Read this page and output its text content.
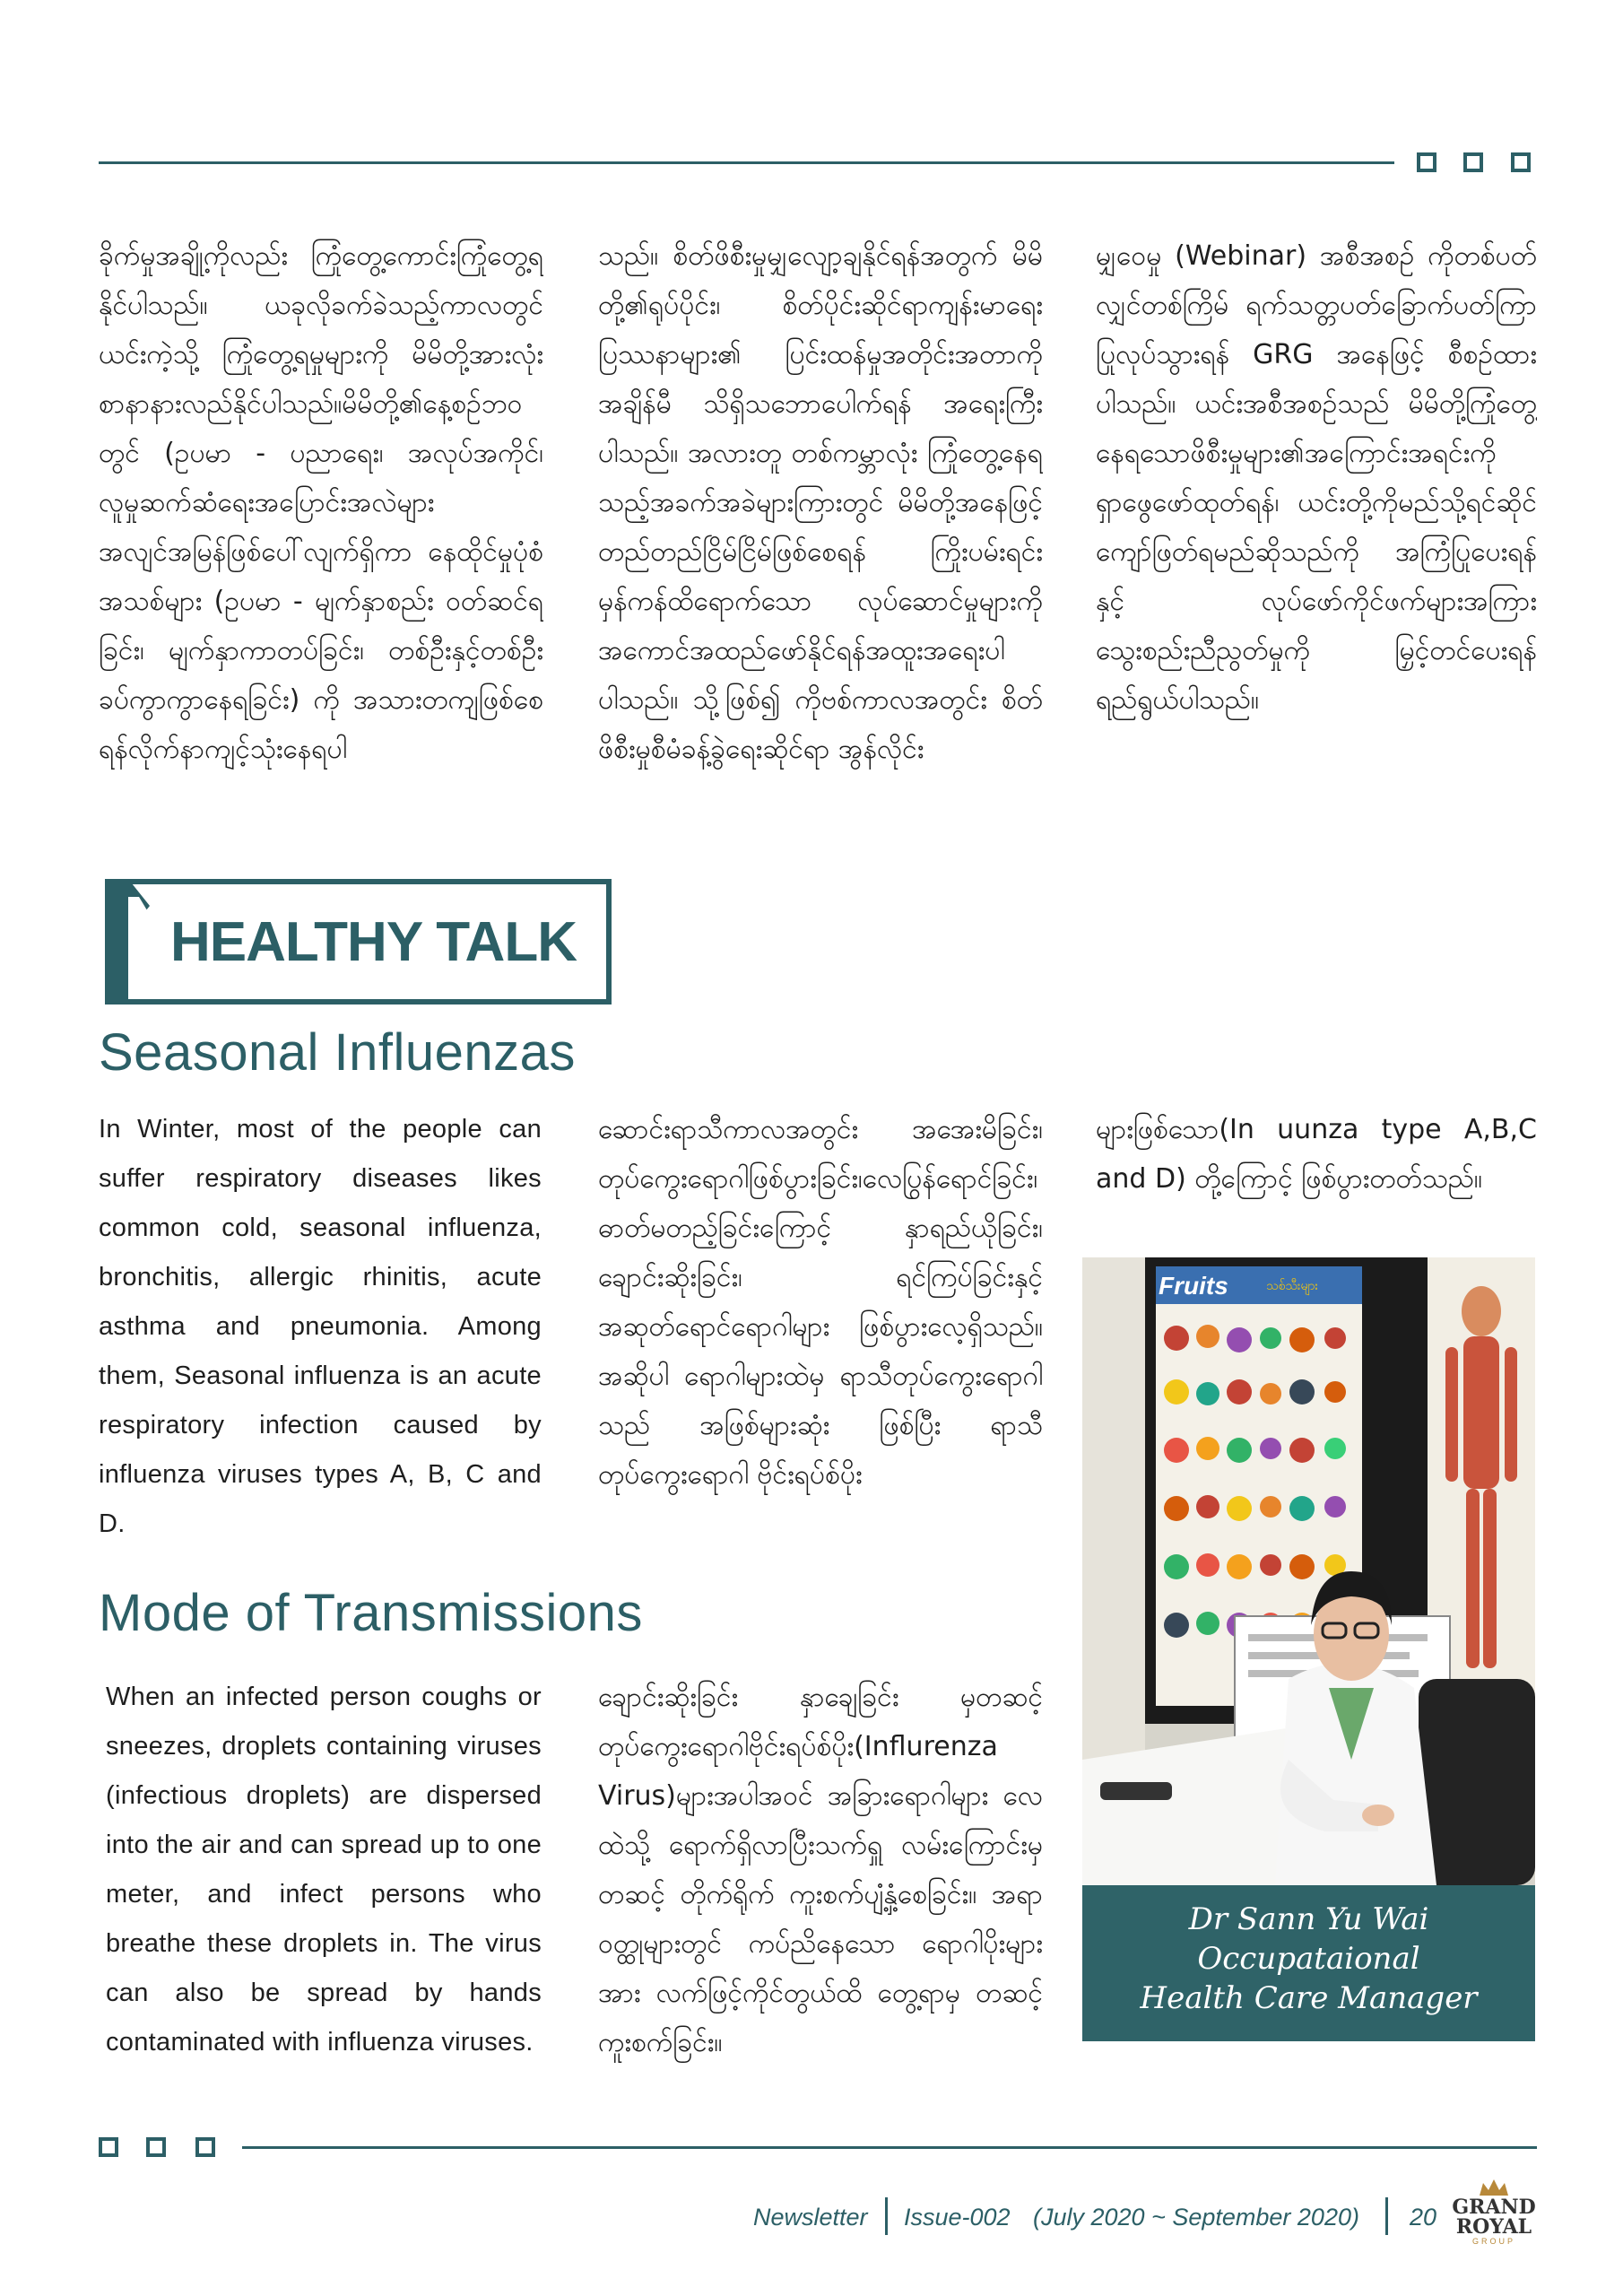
ခိုက်မှုအချို့ကိုလည်း ကြုံတွေ့ကောင်းကြုံတွေ့ရနိုင်ပါသည်။ ယခုလိုခက်ခဲသည့်ကာလတွင် ယင်းကဲ့သို့ ကြုံတွေ့ရမှုများကို မိမိတို့အားလုံးစာနာနားလည်နိုင်ပါသည်။မိမိတို့၏နေ့စဉ်ဘဝတွင် (ဥပမာ - ပညာရေး၊ အလုပ်အကိုင်၊ လူမှုဆက်ဆံရေးအပြောင်းအလဲများအလျင်အမြန်ဖြစ်ပေါ်လျက်ရှိကာ နေထိုင်မှုပုံစံအသစ်များ (ဥပမာ - မျက်နှာစည်း ဝတ်ဆင်ရခြင်း၊ မျက်နှာကာတပ်ခြင်း၊ တစ်ဦးနှင့်တစ်ဦး ခပ်ကွာကွာနေရခြင်း) ကို အသားတကျဖြစ်စေရန်လိုက်နာကျင့်သုံးနေရပါ
သည်။ စိတ်ဖိစီးမှုမျှလျော့ချနိုင်ရန်အတွက် မိမိတို့၏ရုပ်ပိုင်း၊ စိတ်ပိုင်းဆိုင်ရာကျန်းမာရေးပြဿနာများ၏ ပြင်းထန်မှုအတိုင်းအတာကို အချိန်မီ သိရှိသဘောပေါက်ရန် အရေးကြီး ပါသည်။ အလားတူ တစ်ကမ္ဘာလုံး ကြုံတွေ့နေရသည့်အခက်အခဲများကြားတွင် မိမိတို့အနေဖြင့် တည်တည်ငြိမ်ငြိမ်ဖြစ်စေရန် ကြိုးပမ်းရင်းမှန်ကန်ထိရောက်သော လုပ်ဆောင်မှုများကို အကောင်အထည်ဖော်နိုင်ရန်အထူးအရေးပါပါသည်။ သို့ဖြစ်၍ ကိုဗစ်ကာလအတွင်း စိတ်ဖိစီးမှုစီမံခန့်ခွဲရေးဆိုင်ရာ အွန်လိုင်း
မျှဝေမှု (Webinar) အစီအစဉ် ကိုတစ်ပတ်လျှင်တစ်ကြိမ် ရက်သတ္တပတ်ခြောက်ပတ်ကြာပြုလုပ်သွားရန် GRG အနေဖြင့် စီစဉ်ထားပါသည်။ ယင်းအစီအစဉ်သည် မိမိတို့ကြုံတွေ့နေရသောဖိစီးမှုများ၏အကြောင်းအရင်းကိုရှာဖွေဖော်ထုတ်ရန်၊ ယင်းတို့ကိုမည်သို့ရင်ဆိုင်ကျော်ဖြတ်ရမည်ဆိုသည်ကို အကြံပြုပေးရန်နှင့် လုပ်ဖော်ကိုင်ဖက်များအကြားသွေးစည်းညီညွတ်မှုကို မြှင့်တင်ပေးရန် ရည်ရွယ်ပါသည်။
HEALTHY TALK
Seasonal Influenzas
In Winter, most of the people can suffer respiratory diseases likes common cold, seasonal influenza, bronchitis, allergic rhinitis, acute asthma and pneumonia. Among them, Seasonal influenza is an acute respiratory infection caused by influenza viruses types A, B, C and D.
ဆောင်းရာသီကာလအတွင်း အအေးမိခြင်း၊တုပ်ကွေးရောဂါဖြစ်ပွားခြင်း၊လေပြွန်ရောင်ခြင်း၊ ဓာတ်မတည့်ခြင်းကြောင့် နှာရည်ယိုခြင်း၊ ချောင်းဆိုးခြင်း၊ ရင်ကြပ်ခြင်းနှင့် အဆုတ်ရောင်ရောဂါများ ဖြစ်ပွားလေ့ရှိသည်။အဆိုပါ ရောဂါများထဲမှ ရာသီတုပ်ကွေးရောဂါသည် အဖြစ်များဆုံး ဖြစ်ပြီး ရာသီတုပ်ကွေးရောဂါ ဗိုင်းရပ်စ်ပိုး
များဖြစ်သော(In uunza type A,B,C and D) တို့ကြောင့် ဖြစ်ပွားတတ်သည်။
Mode of Transmissions
When an infected person coughs or sneezes, droplets containing viruses (infectious droplets) are dispersed into the air and can spread up to one meter, and infect persons who breathe these droplets in. The virus can also be spread by hands contaminated with influenza viruses.
ချောင်းဆိုးခြင်း နှာချေခြင်း မှတဆင့် တုပ်ကွေးရောဂါဗိုင်းရပ်စ်ပိုး(Influrenza Virus)များအပါအဝင် အခြားရောဂါများ လေထဲသို့ ရောက်ရှိလာပြီးသက်ရှူ လမ်းကြောင်းမှတဆင့် တိုက်ရိုက် ကူးစက်ပျံ့နှံ့စေခြင်း။ အရာဝတ္ထုများတွင် ကပ်ညိနေသော ရောဂါပိုးများအား လက်ဖြင့်ကိုင်တွယ်ထိ တွေ့ရာမှ တဆင့်ကူးစက်ခြင်း။
Fruits	သစ်သီးများ
Dr Sann Yu Wai
Occupataional
Health Care Manager
Newsletter Issue-002 (July 2020 ~ September 2020) 20 GRAND
ROYAL
GROUP
